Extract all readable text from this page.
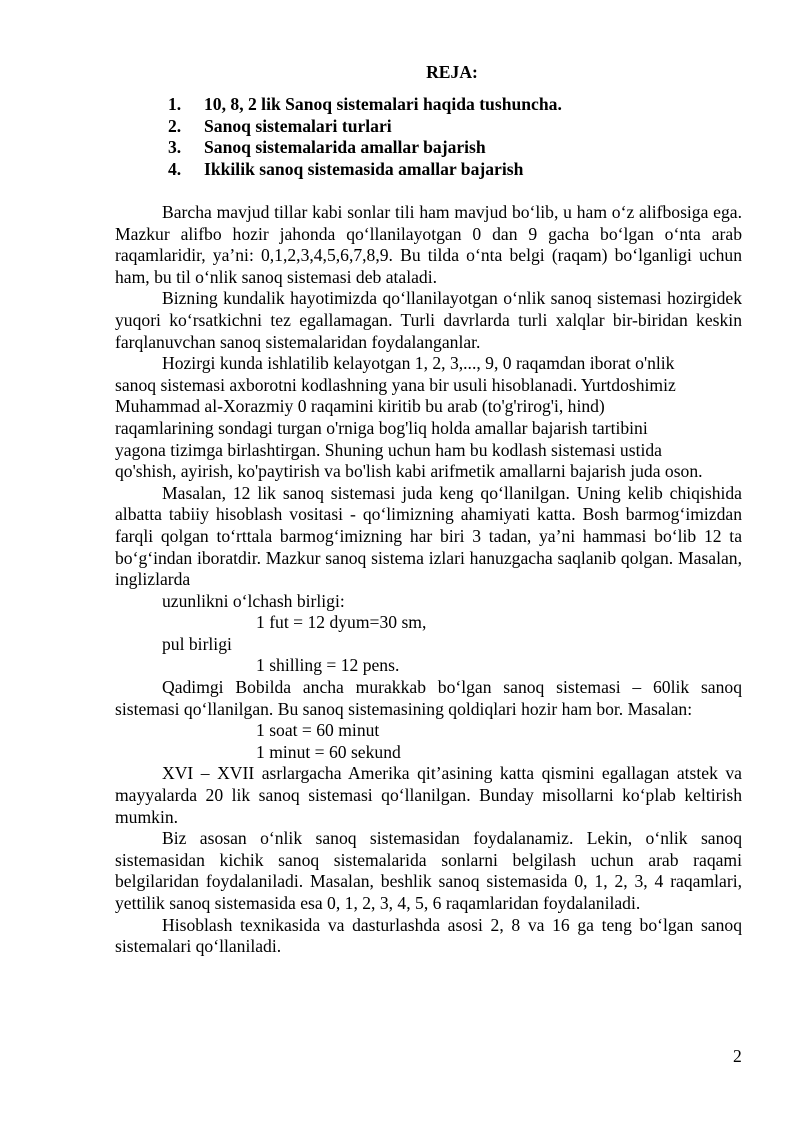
REJA:
1. 10, 8, 2 lik Sanoq sistemalari haqida tushuncha.
2. Sanoq sistemalari turlari
3. Sanoq sistemalarida amallar bajarish
4. Ikkilik sanoq sistemasida amallar bajarish

Barcha mavjud tillar kabi sonlar tili ham mavjud bo‘lib, u ham o‘z alifbosiga ega. Mazkur alifbo hozir jahonda qo‘llanilayotgan 0 dan 9 gacha bo‘lgan o‘nta arab raqamlaridir, ya’ni: 0,1,2,3,4,5,6,7,8,9. Bu tilda o‘nta belgi (raqam) bo‘lganligi uchun ham, bu til o‘nlik sanoq sistemasi deb ataladi.

Bizning kundalik hayotimizda qo‘llanilayotgan o‘nlik sanoq sistemasi hozirgidek yuqori ko‘rsatkichni tez egallamagan. Turli davrlarda turli xalqlar bir-biridan keskin farqlanuvchan sanoq sistemalaridan foydalanganlar.

Hozirgi kunda ishlatilib kelayotgan 1, 2, 3,..., 9, 0 raqamdan iborat o'nlik

sanoq sistemasi axborotni kodlashning yana bir usuli hisoblanadi. Yurtdoshimiz

Muhammad al-Xorazmiy 0 raqamini kiritib bu arab (to'g'rirog'i, hind)

raqamlarining sondagi turgan o'rniga bog'liq holda amallar bajarish tartibini

yagona tizimga birlashtirgan. Shuning uchun ham bu kodlash sistemasi ustida

qo'shish, ayirish, ko'paytirish va bo'lish kabi arifmetik amallarni bajarish juda oson.

Masalan, 12 lik sanoq sistemasi juda keng qo‘llanilgan. Uning kelib chiqishida albatta tabiiy hisoblash vositasi - qo‘limizning ahamiyati katta. Bosh barmog‘imizdan farqli qolgan to‘rttala barmog‘imizning har biri 3 tadan, ya’ni hammasi bo‘lib 12 ta bo‘g‘indan iboratdir. Mazkur sanoq sistema izlari hanuzgacha saqlanib qolgan. Masalan, inglizlarda

uzunlikni o‘lchash birligi:

1 fut = 12 dyum=30 sm,

pul birligi

1 shilling = 12 pens.

Qadimgi Bobilda ancha murakkab bo‘lgan sanoq sistemasi – 60lik sanoq sistemasi qo‘llanilgan. Bu sanoq sistemasining qoldiqlari hozir ham bor. Masalan:

1 soat = 60 minut

1 minut = 60 sekund

XVI – XVII asrlargacha Amerika qit’asining katta qismini egallagan atstek va mayyalarda 20 lik sanoq sistemasi qo‘llanilgan. Bunday misollarni ko‘plab keltirish mumkin.

Biz asosan o‘nlik sanoq sistemasidan foydalanamiz. Lekin, o‘nlik sanoq sistemasidan kichik sanoq sistemalarida sonlarni belgilash uchun arab raqami belgilaridan foydalaniladi. Masalan, beshlik sanoq sistemasida 0, 1, 2, 3, 4 raqamlari, yettilik sanoq sistemasida esa 0, 1, 2, 3, 4, 5, 6 raqamlaridan foydalaniladi.

Hisoblash texnikasida va dasturlashda asosi 2, 8 va 16 ga teng bo‘lgan sanoq sistemalari qo‘llaniladi.

2
